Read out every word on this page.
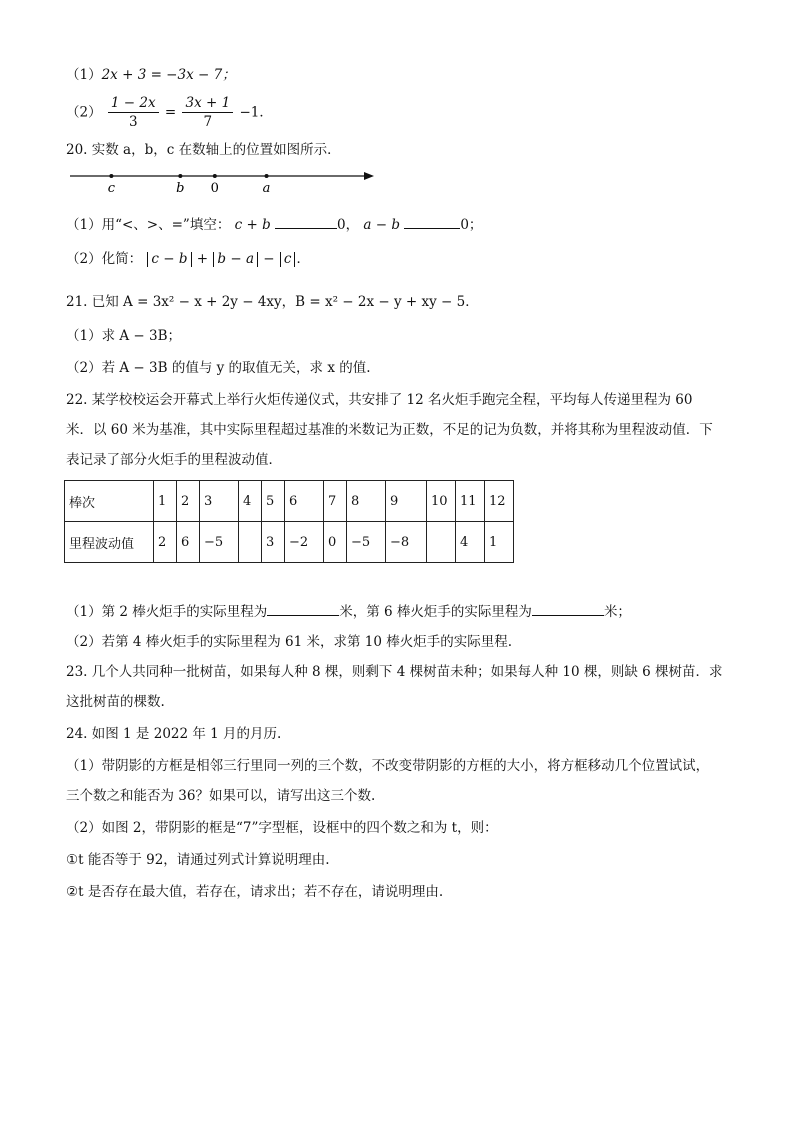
（1）2x + 3 = −3x − 7；
$(2) \frac{1 - 2x}{3} = \frac{3x + 1}{7} -1$．
20. 实数 a，b，c 在数轴上的位置如图所示．
c	b 0	a
（1）用“<、>、=”填空： c + b	0， a − b	0；
（2）化简： c − b + b − a − c ．
21. 已知 A = 3x² − x + 2y − 4xy，B = x² − 2x − y + xy − 5．
（1）求 A − 3B；
（2）若 A − 3B 的值与 y 的取值无关，求 x 的值.
22. 某学校校运会开幕式上举行火炬传递仪式，共安排了 12 名火炬手跑完全程，平均每人传递里程为 60
米．以 60 米为基准，其中实际里程超过基准的米数记为正数，不足的记为负数，并将其称为里程波动值．下
表记录了部分火炬手的里程波动值．
棒次	1	2	3	4	5	6	7	8	9	10	11	12
里程波动值	2	6	−5		3	−2	0	−5	−8		4	1
（1）第 2 棒火炬手的实际里程为	米，第 6 棒火炬手的实际里程为	米；
（2）若第 4 棒火炬手的实际里程为 61 米，求第 10 棒火炬手的实际里程.
23. 几个人共同种一批树苗，如果每人种 8 棵，则剩下 4 棵树苗未种；如果每人种 10 棵，则缺 6 棵树苗．求
这批树苗的棵数.
24. 如图 1 是 2022 年 1 月的月历.
（1）带阴影的方框是相邻三行里同一列的三个数，不改变带阴影的方框的大小，将方框移动几个位置试试，
三个数之和能否为 36？如果可以，请写出这三个数.
（2）如图 2，带阴影的框是“7”字型框，设框中的四个数之和为 t，则：
①t 能否等于 92，请通过列式计算说明理由.
②t 是否存在最大值，若存在，请求出；若不存在，请说明理由.
